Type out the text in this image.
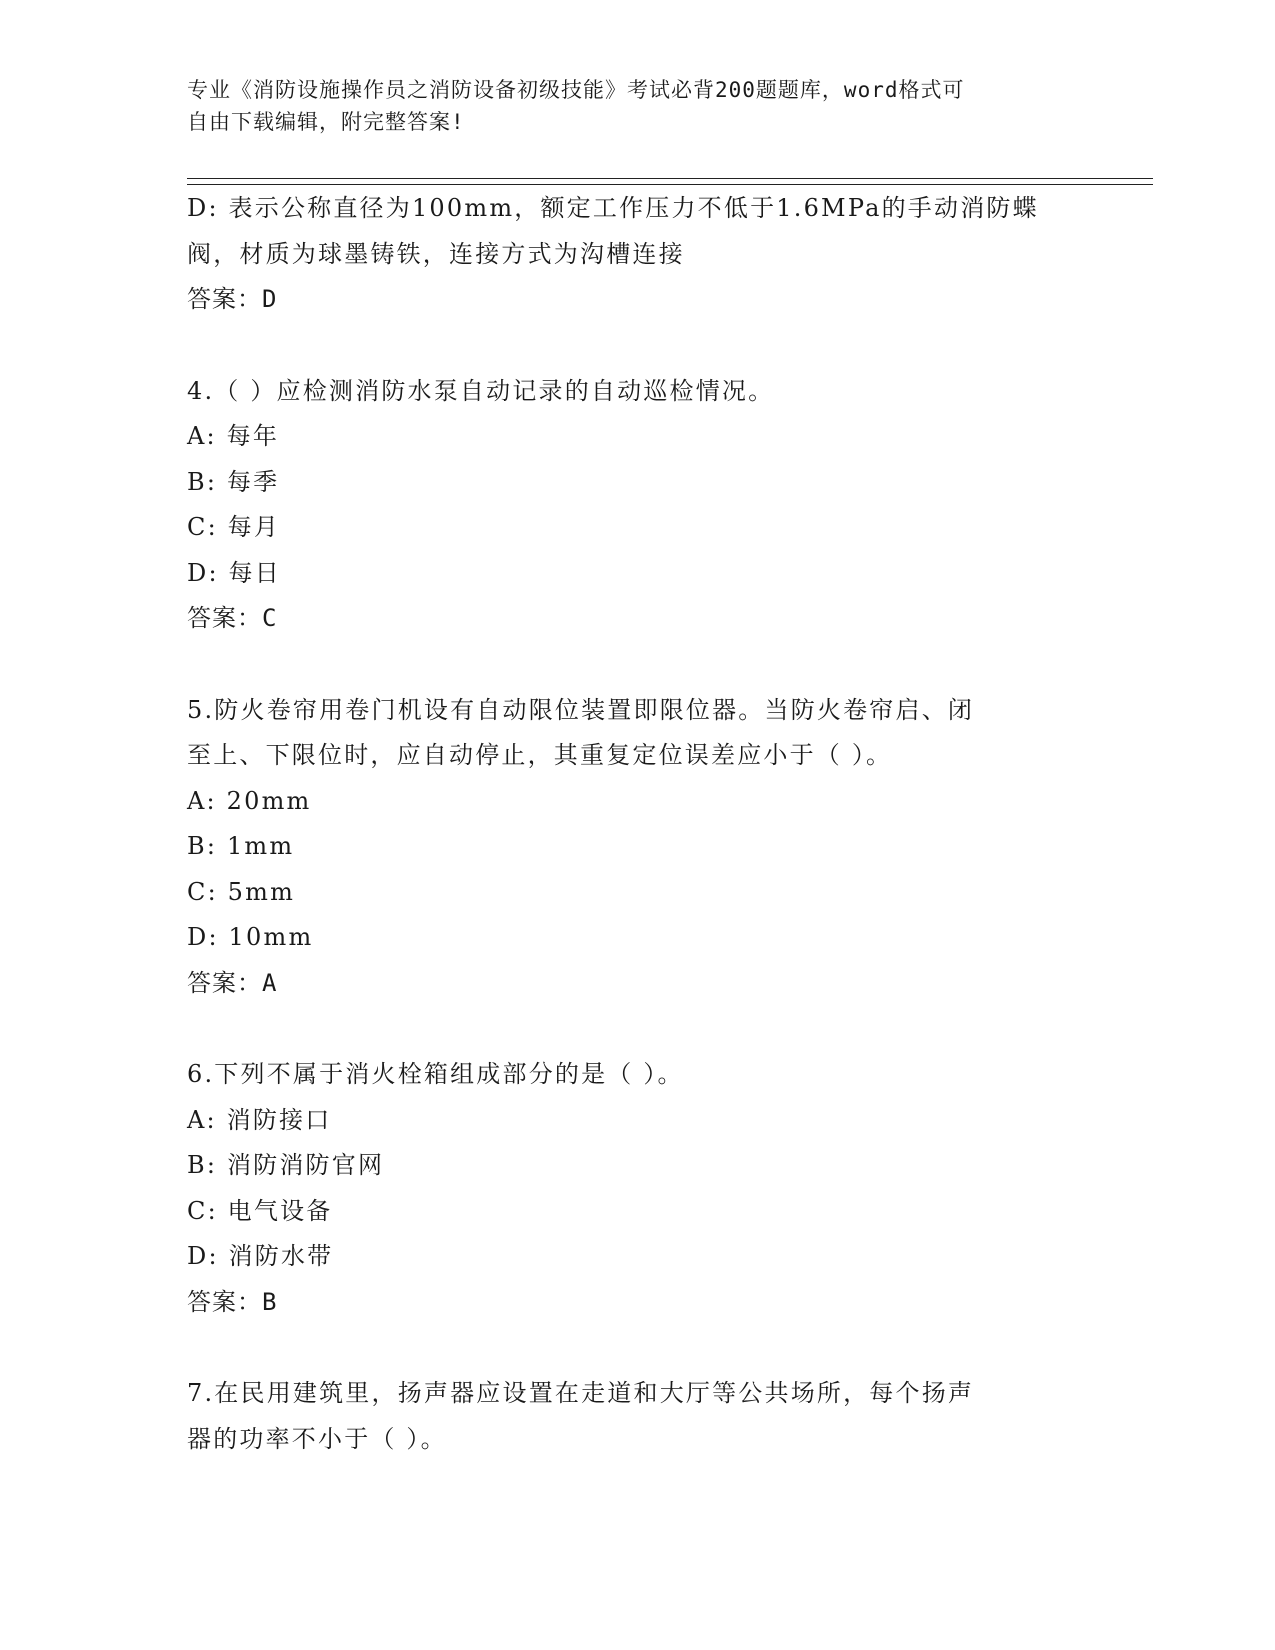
专业《消防设施操作员之消防设备初级技能》考试必背200题题库，word格式可
自由下载编辑，附完整答案!
D: 表示公称直径为100mm，额定工作压力不低于1.6MPa的手动消防蝶
阀，材质为球墨铸铁，连接方式为沟槽连接
答案：D
4.（ ）应检测消防水泵自动记录的自动巡检情况。
A: 每年
B: 每季
C: 每月
D: 每日
答案：C
5.防火卷帘用卷门机设有自动限位装置即限位器。当防火卷帘启、闭
至上、下限位时，应自动停止，其重复定位误差应小于（ ）。
A: 20mm
B: 1mm
C: 5mm
D: 10mm
答案：A
6.下列不属于消火栓箱组成部分的是（ ）。
A: 消防接口
B: 消防消防官网
C: 电气设备
D: 消防水带
答案：B
7.在民用建筑里，扬声器应设置在走道和大厅等公共场所，每个扬声
器的功率不小于（ ）。
